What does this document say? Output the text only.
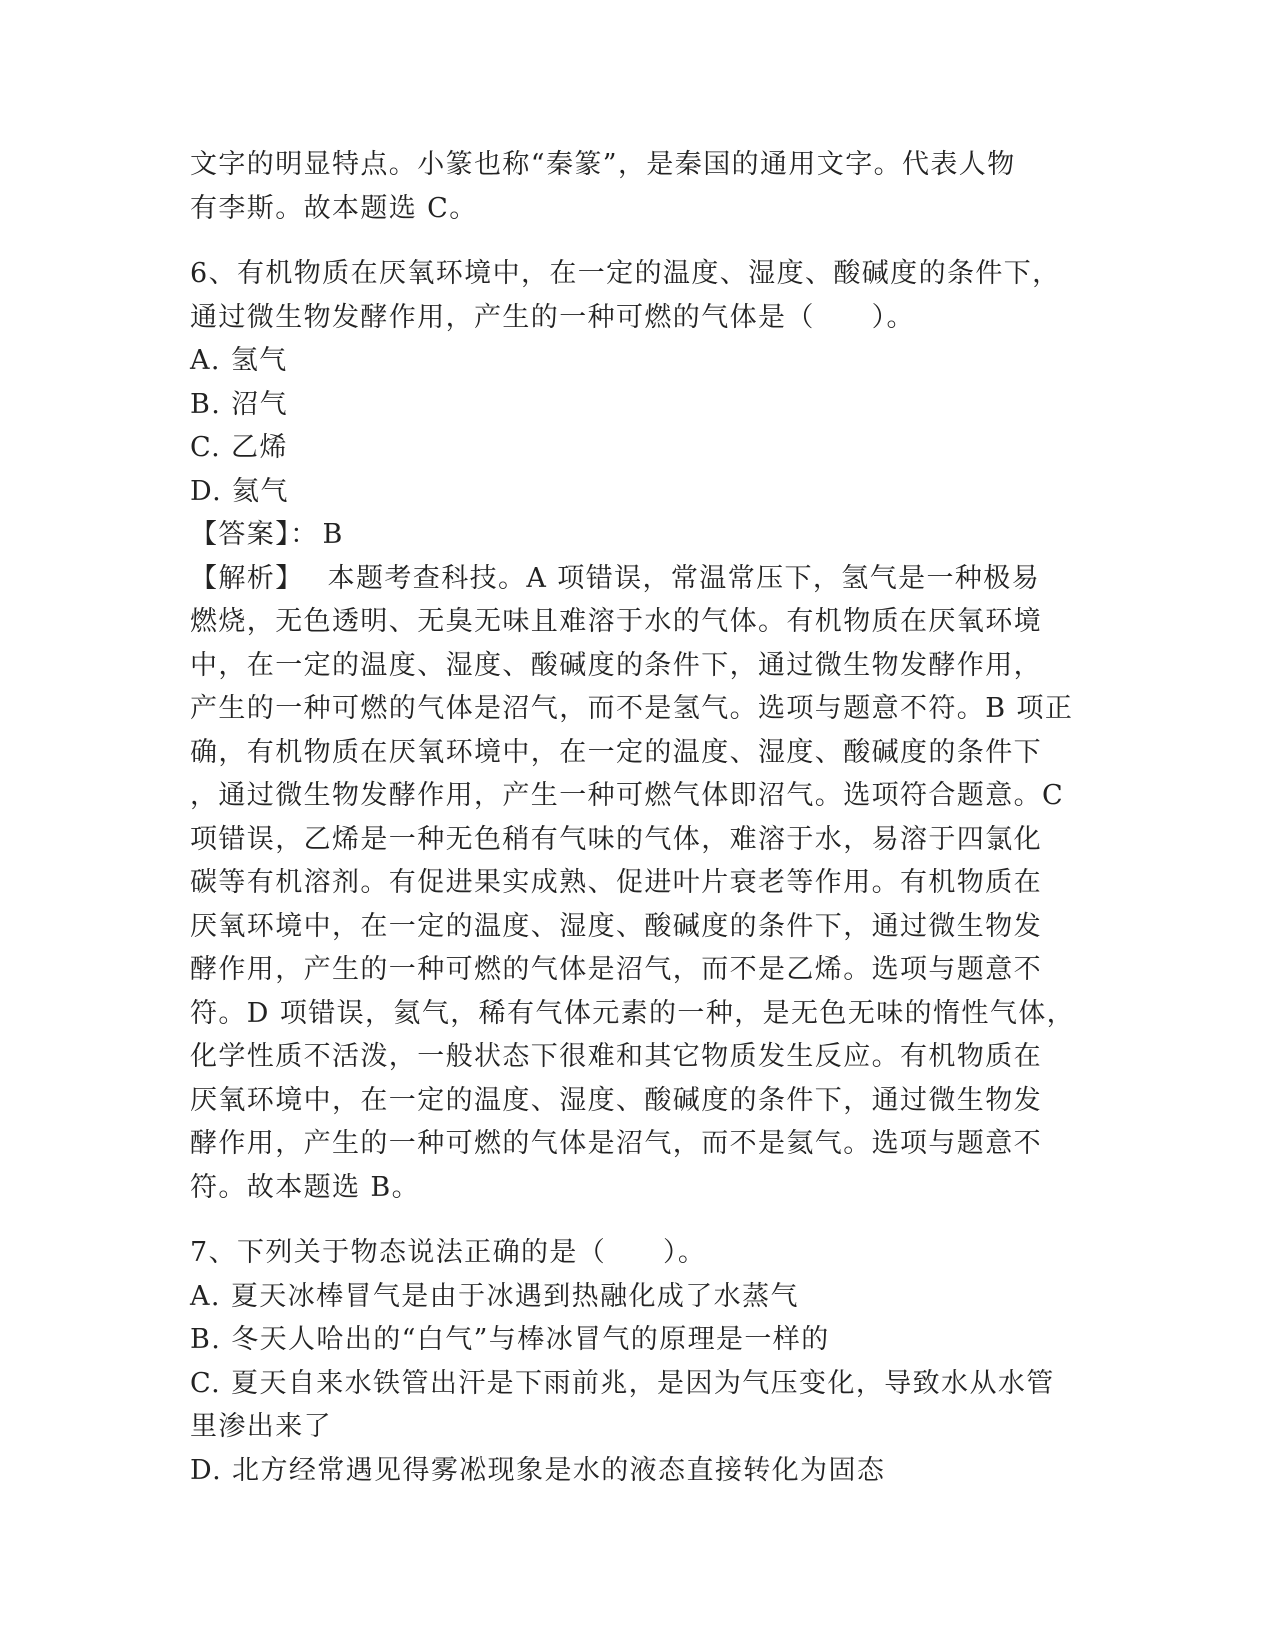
文字的明显特点。小篆也称“秦篆”，是秦国的通用文字。代表人物
有李斯。故本题选 C。
6、有机物质在厌氧环境中，在一定的温度、湿度、酸碱度的条件下，
通过微生物发酵作用，产生的一种可燃的气体是（　　）。
A. 氢气
B. 沼气
C. 乙烯
D. 氦气
【答案】： B
【解析】 本题考查科技。A 项错误，常温常压下，氢气是一种极易
燃烧，无色透明、无臭无味且难溶于水的气体。有机物质在厌氧环境
中，在一定的温度、湿度、酸碱度的条件下，通过微生物发酵作用，
产生的一种可燃的气体是沼气，而不是氢气。选项与题意不符。B 项正
确，有机物质在厌氧环境中，在一定的温度、湿度、酸碱度的条件下
，通过微生物发酵作用，产生一种可燃气体即沼气。选项符合题意。C
项错误，乙烯是一种无色稍有气味的气体，难溶于水，易溶于四氯化
碳等有机溶剂。有促进果实成熟、促进叶片衰老等作用。有机物质在
厌氧环境中，在一定的温度、湿度、酸碱度的条件下，通过微生物发
酵作用，产生的一种可燃的气体是沼气，而不是乙烯。选项与题意不
符。D 项错误，氦气，稀有气体元素的一种，是无色无味的惰性气体，
化学性质不活泼，一般状态下很难和其它物质发生反应。有机物质在
厌氧环境中，在一定的温度、湿度、酸碱度的条件下，通过微生物发
酵作用，产生的一种可燃的气体是沼气，而不是氦气。选项与题意不
符。故本题选 B。
7、下列关于物态说法正确的是（　　）。
A. 夏天冰棒冒气是由于冰遇到热融化成了水蒸气
B. 冬天人哈出的“白气”与棒冰冒气的原理是一样的
C. 夏天自来水铁管出汗是下雨前兆，是因为气压变化，导致水从水管
里渗出来了
D. 北方经常遇见得雾凇现象是水的液态直接转化为固态
